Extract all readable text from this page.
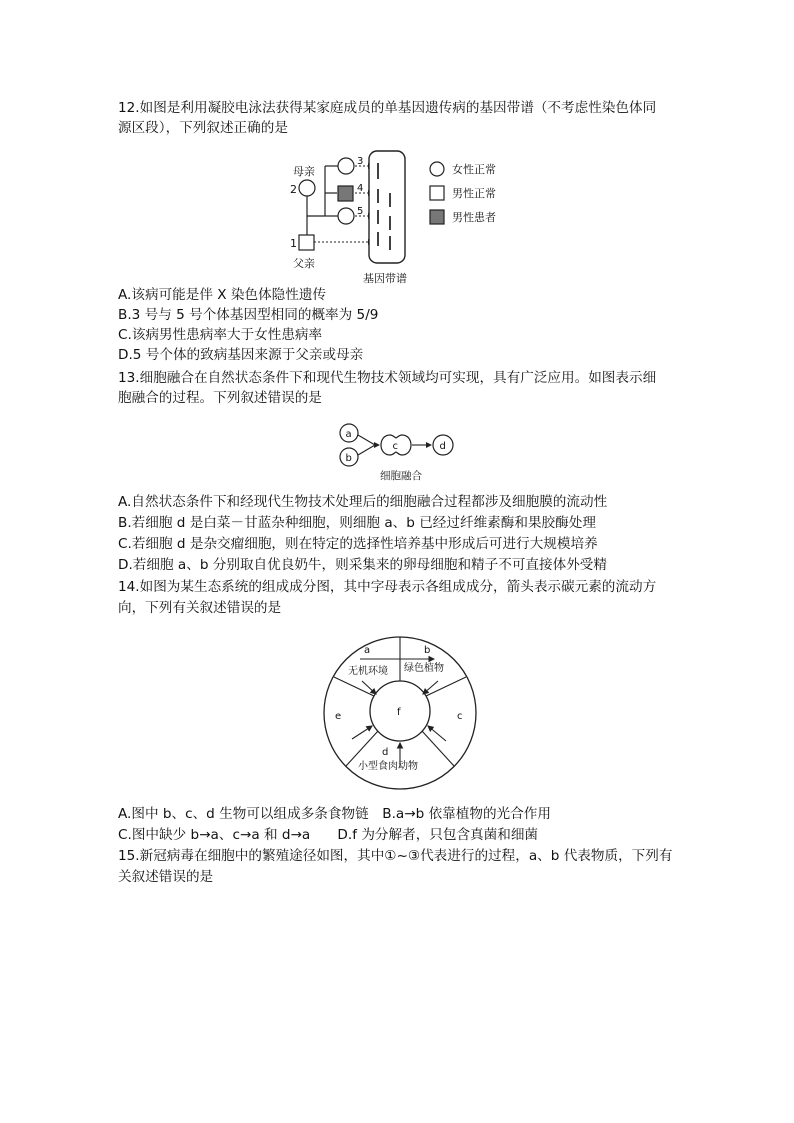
12.如图是利用凝胶电泳法获得某家庭成员的单基因遗传病的基因带谱（不考虑性染色体同
源区段），下列叙述正确的是
母亲
2
1
父亲
3
4
5
基因带谱
女性正常
男性正常
男性患者
A.该病可能是伴 X 染色体隐性遗传
B.3 号与 5 号个体基因型相同的概率为 5/9
C.该病男性患病率大于女性患病率
D.5 号个体的致病基因来源于父亲或母亲
13.细胞融合在自然状态条件下和现代生物技术领域均可实现，具有广泛应用。如图表示细
胞融合的过程。下列叙述错误的是
a
b
c	d
细胞融合
A.自然状态条件下和经现代生物技术处理后的细胞融合过程都涉及细胞膜的流动性
B.若细胞 d 是白菜－甘蓝杂种细胞，则细胞 a、b 已经过纤维素酶和果胶酶处理
C.若细胞 d 是杂交瘤细胞，则在特定的选择性培养基中形成后可进行大规模培养
D.若细胞 a、b 分别取自优良奶牛，则采集来的卵母细胞和精子不可直接体外受精
14.如图为某生态系统的组成成分图，其中字母表示各组成成分，箭头表示碳元素的流动方
向，下列有关叙述错误的是
a	b
c
d
e	f
无机环境 绿色植物
小型食肉动物
A.图中 b、c、d 生物可以组成多条食物链　B.a→b 依靠植物的光合作用
C.图中缺少 b→a、c→a 和 d→a　　D.f 为分解者，只包含真菌和细菌
15.新冠病毒在细胞中的繁殖途径如图，其中①~③代表进行的过程，a、b 代表物质，下列有
关叙述错误的是
